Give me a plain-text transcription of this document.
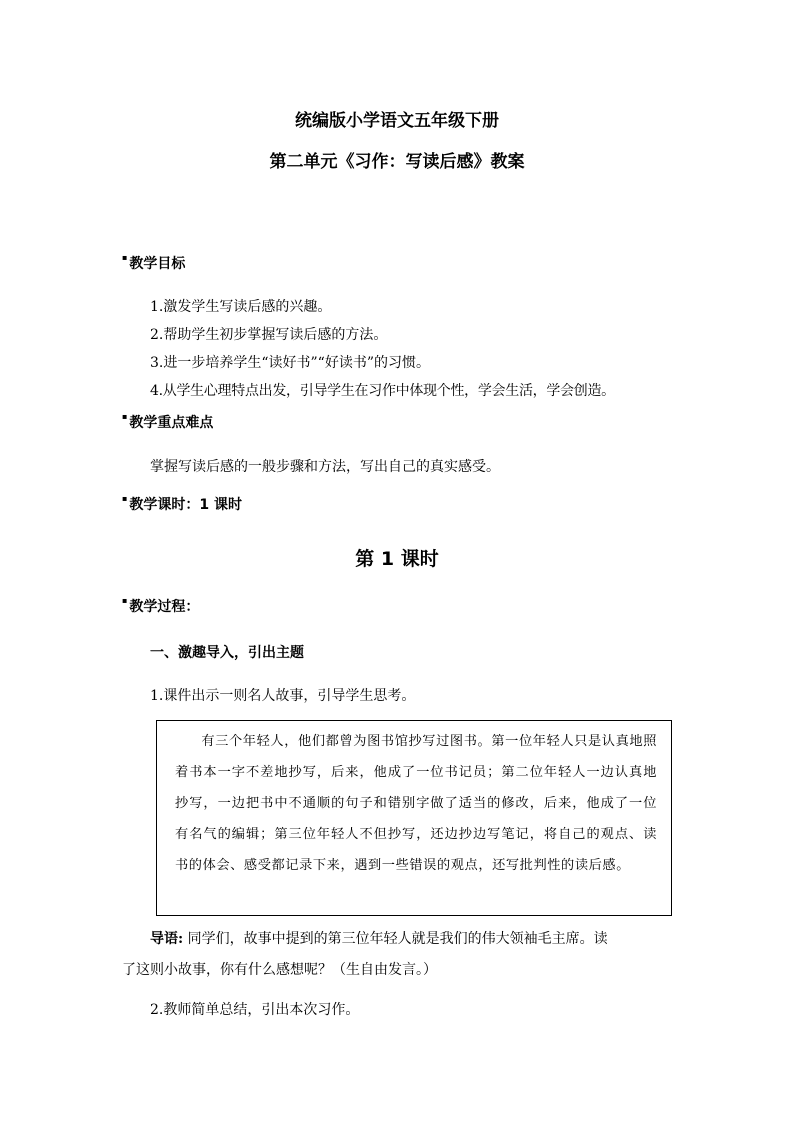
统编版小学语文五年级下册
第二单元《习作：写读后感》教案
▪ 教学目标
1.激发学生写读后感的兴趣。
2.帮助学生初步掌握写读后感的方法。
3.进一步培养学生“读好书”“好读书”的习惯。
4.从学生心理特点出发，引导学生在习作中体现个性，学会生活，学会创造。
▪ 教学重点难点
掌握写读后感的一般步骤和方法，写出自己的真实感受。
▪ 教学课时：1 课时
第 1 课时
▪ 教学过程：
一、激趣导入，引出主题
1.课件出示一则名人故事，引导学生思考。
有三个年轻人，他们都曾为图书馆抄写过图书。第一位年轻人只是认真地照着书本一字不差地抄写，后来，他成了一位书记员；第二位年轻人一边认真地抄写，一边把书中不通顺的句子和错别字做了适当的修改，后来，他成了一位有名气的编辑；第三位年轻人不但抄写，还边抄边写笔记，将自己的观点、读书的体会、感受都记录下来，遇到一些错误的观点，还写批判性的读后感。
导语: 同学们，故事中提到的第三位年轻人就是我们的伟大领袖毛主席。读
了这则小故事，你有什么感想呢？（生自由发言。）
2.教师简单总结，引出本次习作。
